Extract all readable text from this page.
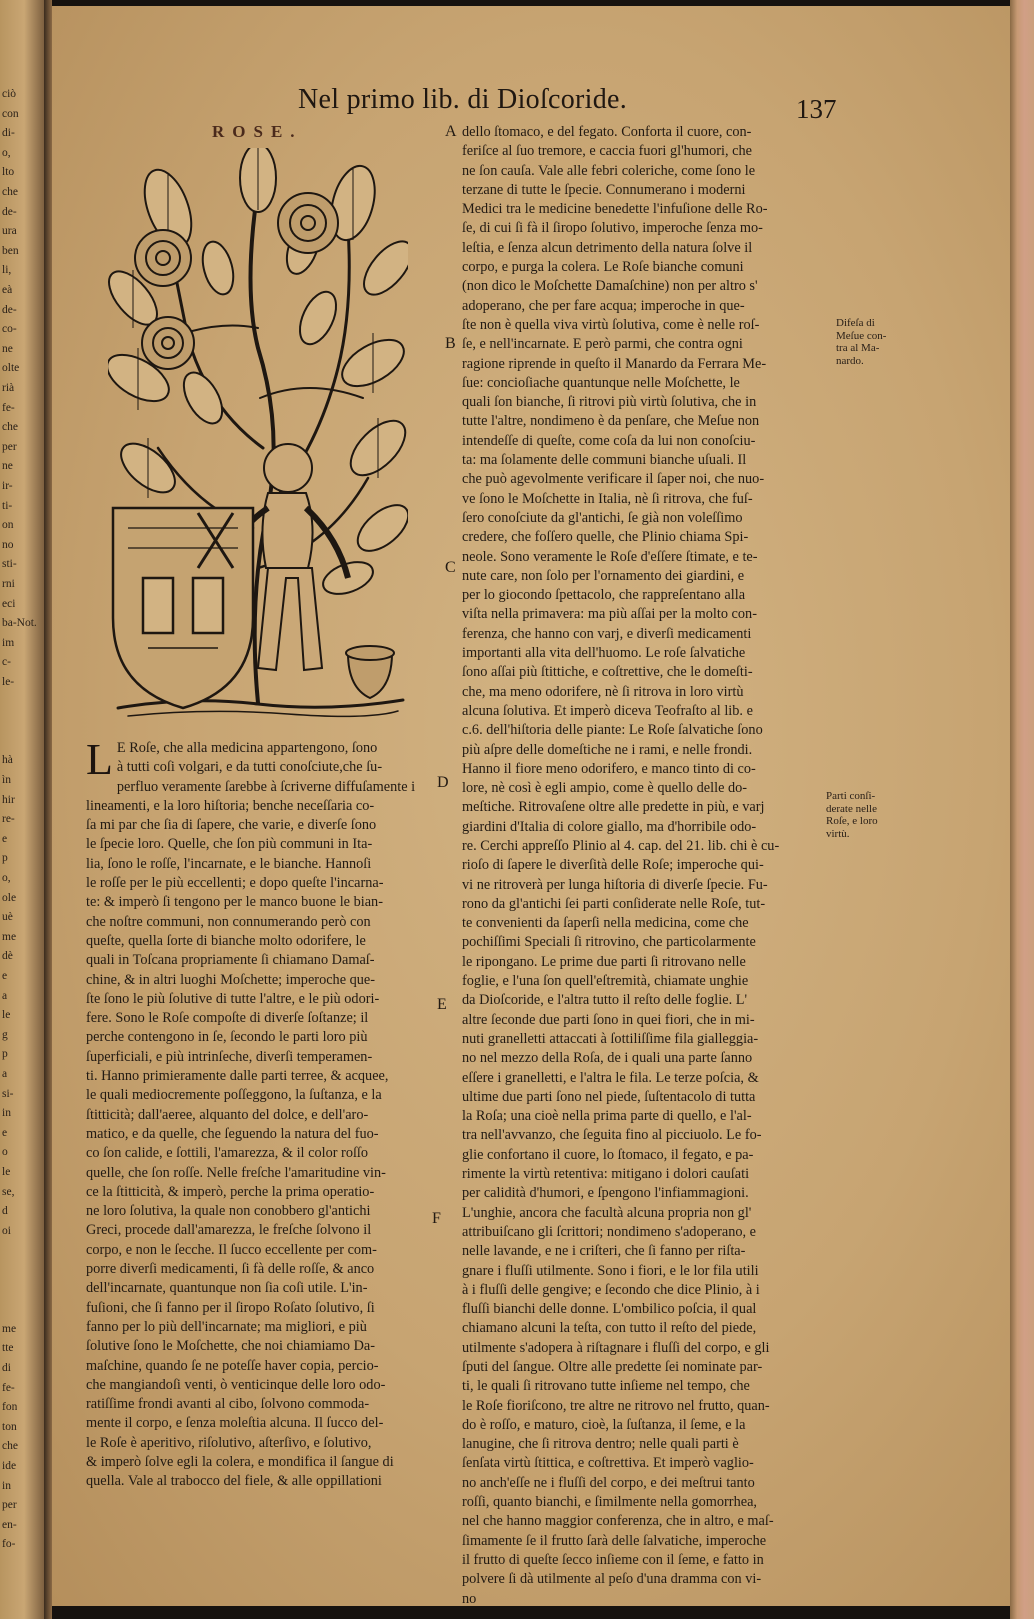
ciò
con
di-
o,
lto
che
de-
ura
ben
li,
eà
de-
co-
ne
olte
rià
fe-
che
per
ne
ir-
ti-
on
no
sti-
rni
eci
ba-Not.
im
c-
le-
hà
ìn
hir
re-
e
p
o,
ole
uè
me
dè
e
a
le
g
p
a
si-
in
e
o
le
se,
d
oi
me
tte
di
fe-
fon
ton
che
ide
in
per
en-
fo-
Nel primo lib. di Dioſcoride.	137
ROSE.
L E Roſe, che alla medicina appartengono, ſono
à tutti coſi volgari, e da tutti conoſciute,che ſu-
perfluo veramente ſarebbe à ſcriverne diffuſamente i
lineamenti, e la loro hiſtoria; benche neceſſaria co-
ſa mi par che ſia di ſapere, che varie, e diverſe ſono
le ſpecie loro. Quelle, che ſon più communi in Ita-
lia, ſono le roſſe, l'incarnate, e le bianche. Hannoſi
le roſſe per le più eccellenti; e dopo queſte l'incarna-
te: & imperò ſi tengono per le manco buone le bian-
che noſtre communi, non connumerando però con
queſte, quella ſorte di bianche molto odorifere, le
quali in Toſcana propriamente ſi chiamano Damaſ-
chine, & in altri luoghi Moſchette; imperoche que-
ſte ſono le più ſolutive di tutte l'altre, e le più odori-
fere. Sono le Roſe compoſte di diverſe ſoſtanze; il
perche contengono in ſe, ſecondo le parti loro più
ſuperficiali, e più intrinſeche, diverſi temperamen-
ti. Hanno primieramente dalle parti terree, & acquee,
le quali mediocremente poſſeggono, la ſuſtanza, e la
ſtitticità; dall'aeree, alquanto del dolce, e dell'aro-
matico, e da quelle, che ſeguendo la natura del fuo-
co ſon calide, e ſottili, l'amarezza, & il color roſſo
quelle, che ſon roſſe. Nelle freſche l'amaritudine vin-
ce la ſtitticità, & imperò, perche la prima operatio-
ne loro ſolutiva, la quale non conobbero gl'antichi
Greci, procede dall'amarezza, le freſche ſolvono il
corpo, e non le ſecche. Il ſucco eccellente per com-
porre diverſi medicamenti, ſi fà delle roſſe, & anco
dell'incarnate, quantunque non ſia coſi utile. L'in-
fuſioni, che ſi fanno per il ſiropo Roſato ſolutivo, ſi
fanno per lo più dell'incarnate; ma migliori, e più
ſolutive ſono le Moſchette, che noi chiamiamo Da-
maſchine, quando ſe ne poteſſe haver copia, percio-
che mangiandoſi venti, ò venticinque delle loro odo-
ratiſſime frondi avanti al cibo, ſolvono commoda-
mente il corpo, e ſenza moleſtia alcuna. Il ſucco del-
le Roſe è aperitivo, riſolutivo, aſterſivo, e ſolutivo,
& imperò ſolve egli la colera, e mondifica il ſangue di
quella. Vale al trabocco del fiele, & alle oppillationi
dello ſtomaco, e del fegato. Conforta il cuore, con-
feriſce al ſuo tremore, e caccia fuori gl'humori, che
ne ſon cauſa. Vale alle febri coleriche, come ſono le
terzane di tutte le ſpecie. Connumerano i moderni
Medici tra le medicine benedette l'infuſione delle Ro-
ſe, di cui ſi fà il ſiropo ſolutivo, imperoche ſenza mo-
leſtia, e ſenza alcun detrimento della natura ſolve il
corpo, e purga la colera. Le Roſe bianche comuni
(non dico le Moſchette Damaſchine) non per altro s'
adoperano, che per fare acqua; imperoche in que-
ſte non è quella viva virtù ſolutiva, come è nelle roſ-
ſe, e nell'incarnate. E però parmi, che contra ogni
ragione riprende in queſto il Manardo da Ferrara Me-
ſue: concioſiache quantunque nelle Moſchette, le
quali ſon bianche, ſi ritrovi più virtù ſolutiva, che in
tutte l'altre, nondimeno è da penſare, che Meſue non
intendeſſe di queſte, come coſa da lui non conoſciu-
ta: ma ſolamente delle communi bianche uſuali. Il
che può agevolmente verificare il ſaper noi, che nuo-
ve ſono le Moſchette in Italia, nè ſi ritrova, che fuſ-
ſero conoſciute da gl'antichi, ſe già non voleſſimo
credere, che foſſero quelle, che Plinio chiama Spi-
neole. Sono veramente le Roſe d'eſſere ſtimate, e te-
nute care, non ſolo per l'ornamento dei giardini, e
per lo giocondo ſpettacolo, che rappreſentano alla
viſta nella primavera: ma più aſſai per la molto con-
ferenza, che hanno con varj, e diverſi medicamenti
importanti alla vita dell'huomo. Le roſe ſalvatiche
ſono aſſai più ſtittiche, e coſtrettive, che le domeſti-
che, ma meno odorifere, nè ſi ritrova in loro virtù
alcuna ſolutiva. Et imperò diceva Teofraſto al lib. e
c.6. dell'hiſtoria delle piante: Le Roſe ſalvatiche ſono
più aſpre delle domeſtiche ne i rami, e nelle frondi.
Hanno il fiore meno odorifero, e manco tinto di co-
lore, nè così è egli ampio, come è quello delle do-
meſtiche. Ritrovaſene oltre alle predette in più, e varj
giardini d'Italia di colore giallo, ma d'horribile odo-
re. Cerchi appreſſo Plinio al 4. cap. del 21. lib. chi è cu-
rioſo di ſapere le diverſità delle Roſe; imperoche qui-
vi ne ritroverà per lunga hiſtoria di diverſe ſpecie. Fu-
rono da gl'antichi ſei parti conſiderate nelle Roſe, tut-
te convenienti da ſaperſi nella medicina, come che
pochiſſimi Speciali ſi ritrovino, che particolarmente
le ripongano. Le prime due parti ſi ritrovano nelle
foglie, e l'una ſon quell'eſtremità, chiamate unghie
da Dioſcoride, e l'altra tutto il reſto delle foglie. L'
altre ſeconde due parti ſono in quei fiori, che in mi-
nuti granelletti attaccati à ſottiliſſime fila gialleggia-
no nel mezzo della Roſa, de i quali una parte ſanno
eſſere i granelletti, e l'altra le fila. Le terze poſcia, &
ultime due parti ſono nel piede, ſuſtentacolo di tutta
la Roſa; una cioè nella prima parte di quello, e l'al-
tra nell'avvanzo, che ſeguita fino al picciuolo. Le fo-
glie confortano il cuore, lo ſtomaco, il fegato, e pa-
rimente la virtù retentiva: mitigano i dolori cauſati
per calidità d'humori, e ſpengono l'infiammagioni.
L'unghie, ancora che facultà alcuna propria non gl'
attribuiſcano gli ſcrittori; nondimeno s'adoperano, e
nelle lavande, e ne i criſteri, che ſi fanno per riſta-
gnare i fluſſi utilmente. Sono i fiori, e le lor fila utili
à i fluſſi delle gengive; e ſecondo che dice Plinio, à i
fluſſi bianchi delle donne. L'ombilico poſcia, il qual
chiamano alcuni la teſta, con tutto il reſto del piede,
utilmente s'adopera à riſtagnare i fluſſi del corpo, e gli
ſputi del ſangue. Oltre alle predette ſei nominate par-
ti, le quali ſi ritrovano tutte inſieme nel tempo, che
le Roſe fioriſcono, tre altre ne ritrovo nel frutto, quan-
do è roſſo, e maturo, cioè, la ſuſtanza, il ſeme, e la
lanugine, che ſi ritrova dentro; nelle quali parti è
ſenſata virtù ſtittica, e coſtrettiva. Et imperò vaglio-
no anch'eſſe ne i fluſſi del corpo, e dei meſtrui tanto
roſſi, quanto bianchi, e ſimilmente nella gomorrhea,
nel che hanno maggior conferenza, che in altro, e maſ-
ſimamente ſe il frutto ſarà delle ſalvatiche, imperoche
il frutto di queſte ſecco inſieme con il ſeme, e fatto in
polvere ſi dà utilmente al peſo d'una dramma con vi-
no
A
B
C
D
E
F
Difeſa di
Meſue con-
tra al Ma-
nardo.
Parti conſi-
derate nelle
Roſe, e loro
virtù.
